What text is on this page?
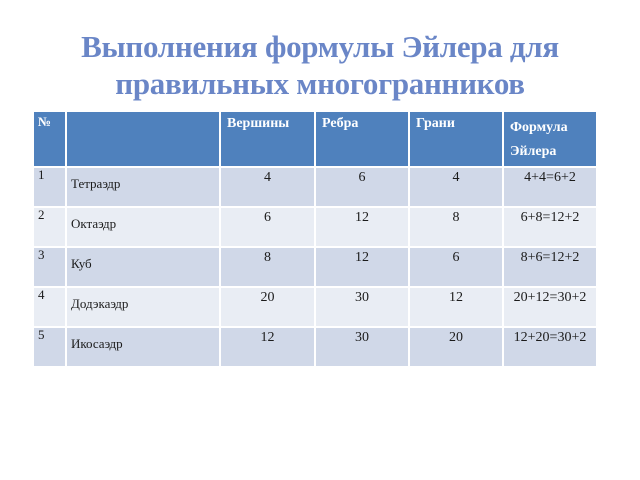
Выполнения формулы Эйлера для
правильных многогранников
№		Вершины	Ребра	Грани	Формула Эйлера
1	Тетраэдр	4	6	4	4+4=6+2
2	Октаэдр	6	12	8	6+8=12+2
3	Куб	8	12	6	8+6=12+2
4	Додэкаэдр	20	30	12	20+12=30+2
5	Икосаэдр	12	30	20	12+20=30+2
